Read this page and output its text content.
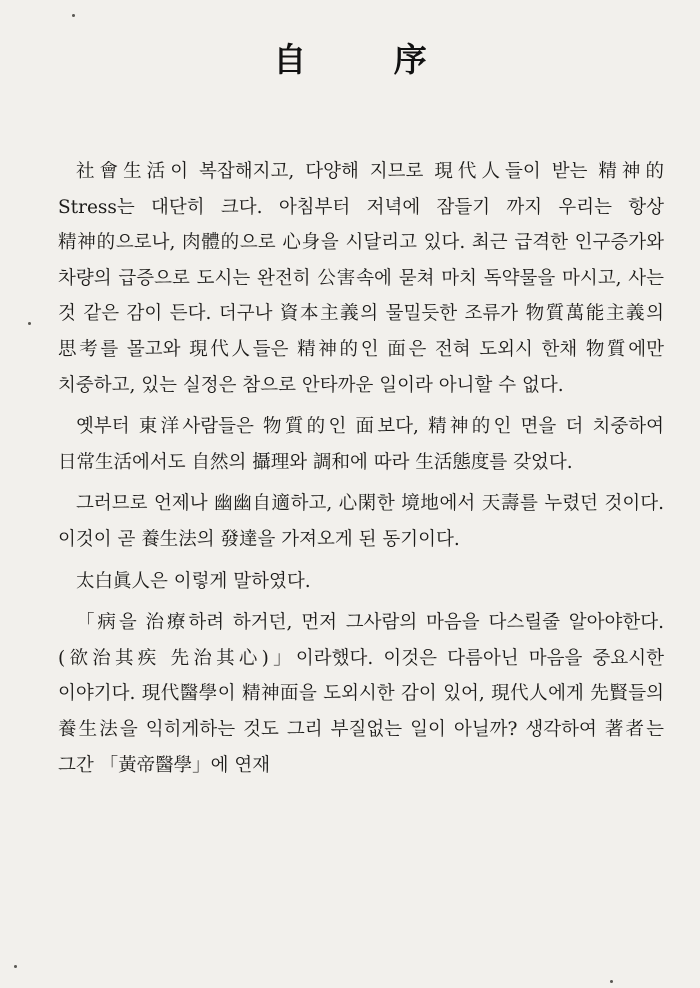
自 序

社會生活이 복잡해지고, 다양해 지므로 現代人들이 받는 精神的 Stress는 대단히 크다. 아침부터 저녁에 잠들기 까지 우리는 항상 精神的으로나, 肉體的으로 心身을 시달리고 있다. 최근 급격한 인구증가와 차량의 급증으로 도시는 완전히 公害속에 묻쳐 마치 독약물을 마시고, 사는 것 같은 감이 든다. 더구나 資本主義의 물밀듯한 조류가 物質萬能主義의 思考를 몰고와 現代人들은 精神的인 面은 전혀 도외시 한채 物質에만 치중하고, 있는 실정은 참으로 안타까운 일이라 아니할 수 없다.

옛부터 東洋사람들은 物質的인 面보다, 精神的인 면을 더 치중하여 日常生活에서도 自然의 攝理와 調和에 따라 生活態度를 갖었다.

그러므로 언제나 幽幽自適하고, 心閑한 境地에서 天壽를 누렸던 것이다. 이것이 곧 養生法의 發達을 가져오게 된 동기이다.

太白眞人은 이렇게 말하였다.

「病을 治療하려 하거던, 먼저 그사람의 마음을 다스릴줄 알아야한다. (欲治其疾 先治其心)」이라했다. 이것은 다름아닌 마음을 중요시한 이야기다. 現代醫學이 精神面을 도외시한 감이 있어, 現代人에게 先賢들의 養生法을 익히게하는 것도 그리 부질없는 일이 아닐까? 생각하여 著者는 그간 「黃帝醫學」에 연재
